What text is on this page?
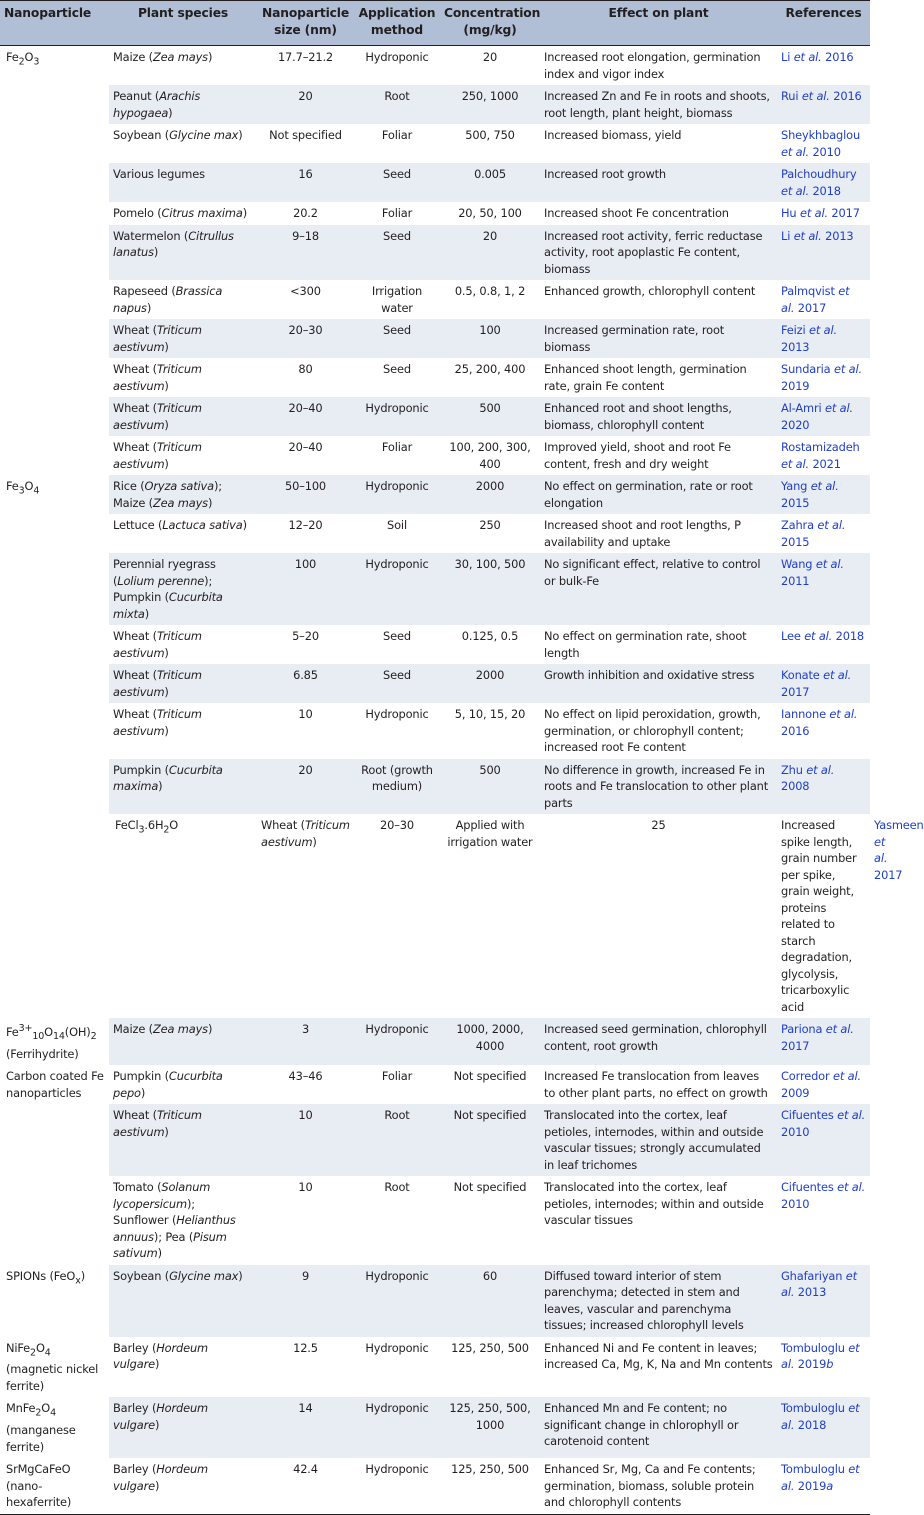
Nanoparticle	Plant species	Nanoparticle size (nm)	Application method	Concentration (mg/kg)	Effect on plant	References	
$Fe_2O_3$	Maize (Zea mays)	17.7–21.2	Hydroponic	20	Increased root elongation, germination index and vigor index	Li et al. 2016	
	Peanut (Arachis hypogaea)	20	Root	250, 1000	Increased Zn and Fe in roots and shoots, root length, plant height, biomass	Rui et al. 2016	
	Soybean (Glycine max)	Not specified	Foliar	500, 750	Increased biomass, yield	Sheykhbaglou et al. 2010	
	Various legumes	16	Seed	0.005	Increased root growth	Palchoudhury et al. 2018	
	Pomelo (Citrus maxima)	20.2	Foliar	20, 50, 100	Increased shoot Fe concentration	Hu et al. 2017	
	Watermelon (Citrullus lanatus)	9–18	Seed	20	Increased root activity, ferric reductase activity, root apoplastic Fe content, biomass	Li et al. 2013	
	Rapeseed (Brassica napus)	<300	Irrigation water	0.5, 0.8, 1, 2	Enhanced growth, chlorophyll content	Palmqvist et al. 2017	
	Wheat (Triticum aestivum)	20–30	Seed	100	Increased germination rate, root biomass	Feizi et al. 2013	
	Wheat (Triticum aestivum)	80	Seed	25, 200, 400	Enhanced shoot length, germination rate, grain Fe content	Sundaria et al. 2019	
	Wheat (Triticum aestivum)	20–40	Hydroponic	500	Enhanced root and shoot lengths, biomass, chlorophyll content	Al-Amri et al. 2020	
	Wheat (Triticum aestivum)	20–40	Foliar	100, 200, 300, 400	Improved yield, shoot and root Fe content, fresh and dry weight	Rostamizadeh et al. 2021	
$Fe_3O_4$	Rice (Oryza sativa); Maize (Zea mays)	50–100	Hydroponic	2000	No effect on germination, rate or root elongation	Yang et al. 2015	
	Lettuce (Lactuca sativa)	12–20	Soil	250	Increased shoot and root lengths, P availability and uptake	Zahra et al. 2015	
	Perennial ryegrass (Lolium perenne); Pumpkin (Cucurbita mixta)	100	Hydroponic	30, 100, 500	No significant effect, relative to control or bulk-Fe	Wang et al. 2011	
	Wheat (Triticum aestivum)	5–20	Seed	0.125, 0.5	No effect on germination rate, shoot length	Lee et al. 2018	
	Wheat (Triticum aestivum)	6.85	Seed	2000	Growth inhibition and oxidative stress	Konate et al. 2017	
	Wheat (Triticum aestivum)	10	Hydroponic	5, 10, 15, 20	No effect on lipid peroxidation, growth, germination, or chlorophyll content; increased root Fe content	Iannone et al. 2016	
	Pumpkin (Cucurbita maxima)	20	Root (growth medium)	500	No difference in growth, increased Fe in roots and Fe translocation to other plant parts	Zhu et al. 2008	
	$FeCl_3.6H_2O$	Wheat (Triticum aestivum)	20–30	Applied with irrigation water	25	Increased spike length, grain number per spike, grain weight, proteins related to starch degradation, glycolysis, tricarboxylic acid	Yasmeen et al. 2017
$Fe^{3+}_{10}O_{14}(OH)_2$ (Ferrihydrite)	Maize (Zea mays)	3	Hydroponic	1000, 2000, 4000	Increased seed germination, chlorophyll content, root growth	Pariona et al. 2017	
Carbon coated Fe nanoparticles	Pumpkin (Cucurbita pepo)	43–46	Foliar	Not specified	Increased Fe translocation from leaves to other plant parts, no effect on growth	Corredor et al. 2009	
	Wheat (Triticum aestivum)	10	Root	Not specified	Translocated into the cortex, leaf petioles, internodes, within and outside vascular tissues; strongly accumulated in leaf trichomes	Cifuentes et al. 2010	
	Tomato (Solanum lycopersicum); Sunflower (Helianthus annuus); Pea (Pisum sativum)	10	Root	Not specified	Translocated into the cortex, leaf petioles, internodes; within and outside vascular tissues	Cifuentes et al. 2010	
SPIONs (FeO$_x$)	Soybean (Glycine max)	9	Hydroponic	60	Diffused toward interior of stem parenchyma; detected in stem and leaves, vascular and parenchyma tissues; increased chlorophyll levels	Ghafariyan et al. 2013	
$NiFe_2O_4$ (magnetic nickel ferrite)	Barley (Hordeum vulgare)	12.5	Hydroponic	125, 250, 500	Enhanced Ni and Fe content in leaves; increased Ca, Mg, K, Na and Mn contents	Tombuloglu et al. 2019b	
$MnFe_2O_4$ (manganese ferrite)	Barley (Hordeum vulgare)	14	Hydroponic	125, 250, 500, 1000	Enhanced Mn and Fe content; no significant change in chlorophyll or carotenoid content	Tombuloglu et al. 2018	
SrMgCaFeO (nano-hexaferrite)	Barley (Hordeum vulgare)	42.4	Hydroponic	125, 250, 500	Enhanced Sr, Mg, Ca and Fe contents; germination, biomass, soluble protein and chlorophyll contents	Tombuloglu et al. 2019a	
